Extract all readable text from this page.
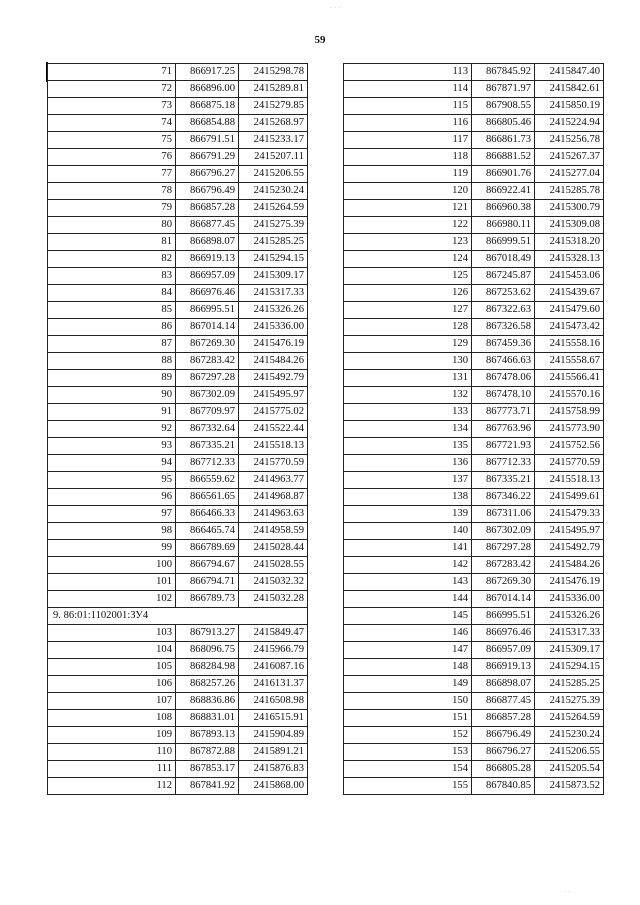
59
71	866917.25	2415298.78
72	866896.00	2415289.81
73	866875.18	2415279.85
74	866854.88	2415268.97
75	866791.51	2415233.17
76	866791.29	2415207.11
77	866796.27	2415206.55
78	866796.49	2415230.24
79	866857.28	2415264.59
80	866877.45	2415275.39
81	866898.07	2415285.25
82	866919.13	2415294.15
83	866957.09	2415309.17
84	866976.46	2415317.33
85	866995.51	2415326.26
86	867014.14	2415336.00
87	867269.30	2415476.19
88	867283.42	2415484.26
89	867297.28	2415492.79
90	867302.09	2415495.97
91	867709.97	2415775.02
92	867332.64	2415522.44
93	867335.21	2415518.13
94	867712.33	2415770.59
95	866559.62	2414963.77
96	866561.65	2414968.87
97	866466.33	2414963.63
98	866465.74	2414958.59
99	866789.69	2415028.44
100	866794.67	2415028.55
101	866794.71	2415032.32
102	866789.73	2415032.28
9. 86:01:1102001:ЗУ4		
103	867913.27	2415849.47
104	868096.75	2415966.79
105	868284.98	2416087.16
106	868257.26	2416131.37
107	868836.86	2416508.98
108	868831.01	2416515.91
109	867893.13	2415904.89
110	867872.88	2415891.21
111	867853.17	2415876.83
112	867841.92	2415868.00
113	867845.92	2415847.40
114	867871.97	2415842.61
115	867908.55	2415850.19
116	866805.46	2415224.94
117	866861.73	2415256.78
118	866881.52	2415267.37
119	866901.76	2415277.04
120	866922.41	2415285.78
121	866960.38	2415300.79
122	866980.11	2415309.08
123	866999.51	2415318.20
124	867018.49	2415328.13
125	867245.87	2415453.06
126	867253.62	2415439.67
127	867322.63	2415479.60
128	867326.58	2415473.42
129	867459.36	2415558.16
130	867466.63	2415558.67
131	867478.06	2415566.41
132	867478.10	2415570.16
133	867773.71	2415758.99
134	867763.96	2415773.90
135	867721.93	2415752.56
136	867712.33	2415770.59
137	867335.21	2415518.13
138	867346.22	2415499.61
139	867311.06	2415479.33
140	867302.09	2415495.97
141	867297.28	2415492.79
142	867283.42	2415484.26
143	867269.30	2415476.19
144	867014.14	2415336.00
145	866995.51	2415326.26
146	866976.46	2415317.33
147	866957.09	2415309.17
148	866919.13	2415294.15
149	866898.07	2415285.25
150	866877.45	2415275.39
151	866857.28	2415264.59
152	866796.49	2415230.24
153	866796.27	2415206.55
154	866805.28	2415205.54
155	867840.85	2415873.52
· · ·
· · ·
